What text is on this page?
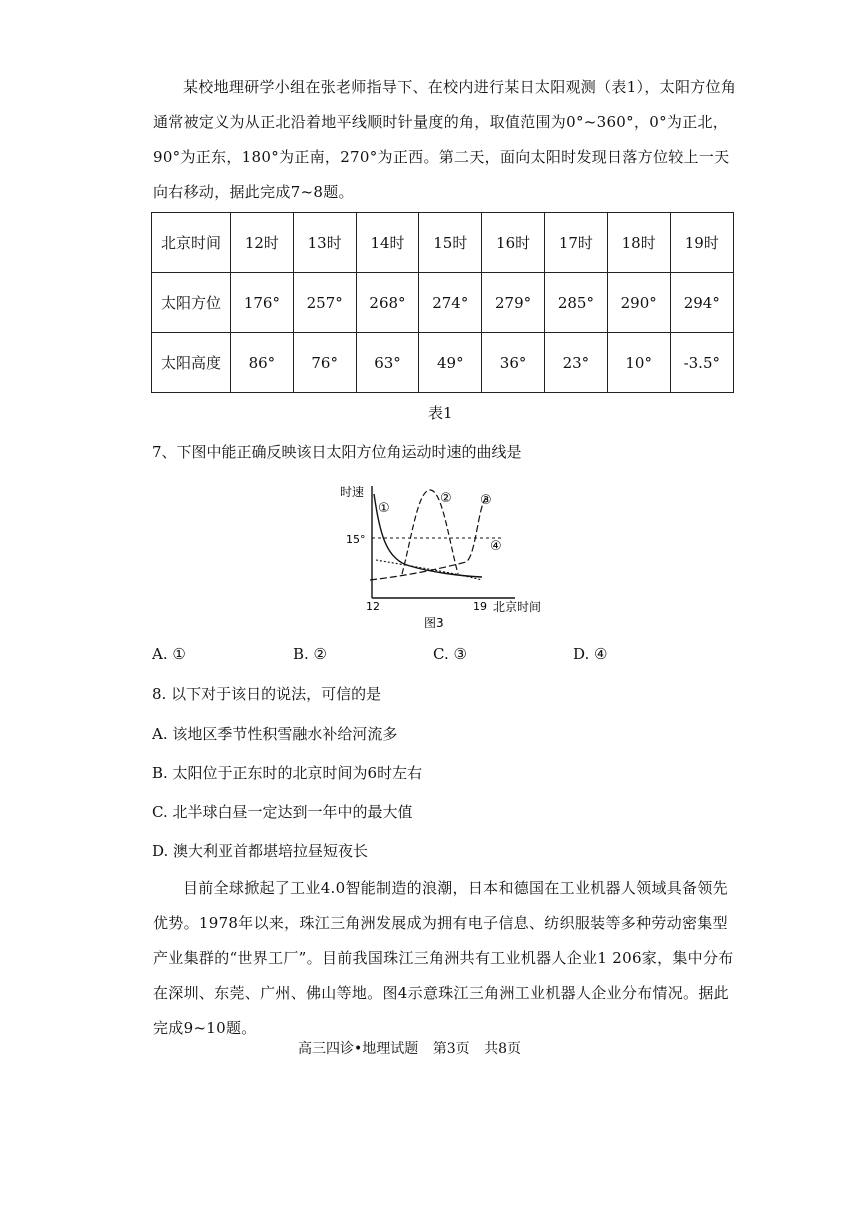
某校地理研学小组在张老师指导下、在校内进行某日太阳观测（表1），太阳方位角通常被定义为从正北沿着地平线顺时针量度的角，取值范围为0°~360°，0°为正北，90°为正东，180°为正南，270°为正西。第二天，面向太阳时发现日落方位较上一天向右移动，据此完成7~8题。

北京时间	12时	13时	14时	15时	16时	17时	18时	19时
太阳方位	176°	257°	268°	274°	279°	285°	290°	294°
太阳高度	86°	76°	63°	49°	36°	23°	10°	-3.5°
表1
7、下图中能正确反映该日太阳方位角运动时速的曲线是
时速
15°
①
② ③
④
12	19 北京时间
图3
A. ①	B. ②	C. ③	D. ④
8. 以下对于该日的说法，可信的是
A. 该地区季节性积雪融水补给河流多
B. 太阳位于正东时的北京时间为6时左右
C. 北半球白昼一定达到一年中的最大值
D. 澳大利亚首都堪培拉昼短夜长

目前全球掀起了工业4.0智能制造的浪潮，日本和德国在工业机器人领域具备领先优势。1978年以来，珠江三角洲发展成为拥有电子信息、纺织服装等多种劳动密集型产业集群的“世界工厂”。目前我国珠江三角洲共有工业机器人企业1 206家，集中分布在深圳、东莞、广州、佛山等地。图4示意珠江三角洲工业机器人企业分布情况。据此完成9~10题。

高三四诊•地理试题 第3页 共8页
